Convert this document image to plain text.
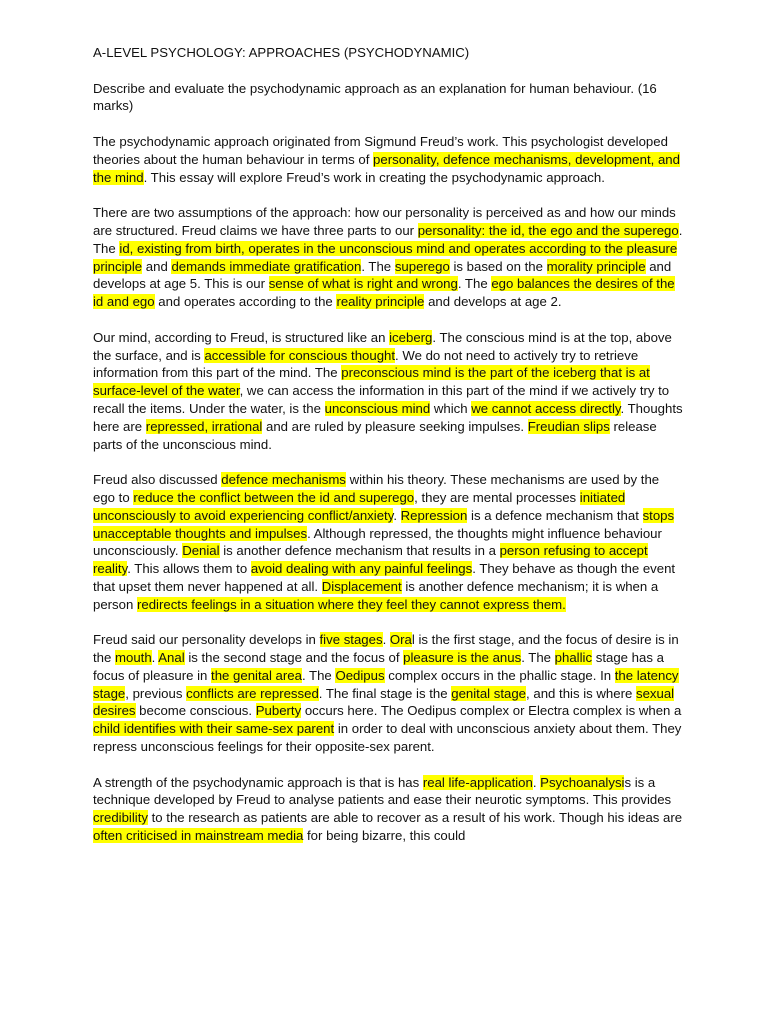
A-LEVEL PSYCHOLOGY: APPROACHES (PSYCHODYNAMIC)
Describe and evaluate the psychodynamic approach as an explanation for human behaviour. (16 marks)
The psychodynamic approach originated from Sigmund Freud’s work. This psychologist developed theories about the human behaviour in terms of personality, defence mechanisms, development, and the mind. This essay will explore Freud’s work in creating the psychodynamic approach.
There are two assumptions of the approach: how our personality is perceived as and how our minds are structured. Freud claims we have three parts to our personality: the id, the ego and the superego. The id, existing from birth, operates in the unconscious mind and operates according to the pleasure principle and demands immediate gratification. The superego is based on the morality principle and develops at age 5. This is our sense of what is right and wrong. The ego balances the desires of the id and ego and operates according to the reality principle and develops at age 2.
Our mind, according to Freud, is structured like an iceberg. The conscious mind is at the top, above the surface, and is accessible for conscious thought. We do not need to actively try to retrieve information from this part of the mind. The preconscious mind is the part of the iceberg that is at surface-level of the water, we can access the information in this part of the mind if we actively try to recall the items. Under the water, is the unconscious mind which we cannot access directly. Thoughts here are repressed, irrational and are ruled by pleasure seeking impulses. Freudian slips release parts of the unconscious mind.
Freud also discussed defence mechanisms within his theory. These mechanisms are used by the ego to reduce the conflict between the id and superego, they are mental processes initiated unconsciously to avoid experiencing conflict/anxiety. Repression is a defence mechanism that stops unacceptable thoughts and impulses. Although repressed, the thoughts might influence behaviour unconsciously. Denial is another defence mechanism that results in a person refusing to accept reality. This allows them to avoid dealing with any painful feelings. They behave as though the event that upset them never happened at all. Displacement is another defence mechanism; it is when a person redirects feelings in a situation where they feel they cannot express them.
Freud said our personality develops in five stages. Oral is the first stage, and the focus of desire is in the mouth. Anal is the second stage and the focus of pleasure is the anus. The phallic stage has a focus of pleasure in the genital area. The Oedipus complex occurs in the phallic stage. In the latency stage, previous conflicts are repressed. The final stage is the genital stage, and this is where sexual desires become conscious. Puberty occurs here. The Oedipus complex or Electra complex is when a child identifies with their same-sex parent in order to deal with unconscious anxiety about them. They repress unconscious feelings for their opposite-sex parent.
A strength of the psychodynamic approach is that is has real life-application. Psychoanalysis is a technique developed by Freud to analyse patients and ease their neurotic symptoms. This provides credibility to the research as patients are able to recover as a result of his work. Though his ideas are often criticised in mainstream media for being bizarre, this could
